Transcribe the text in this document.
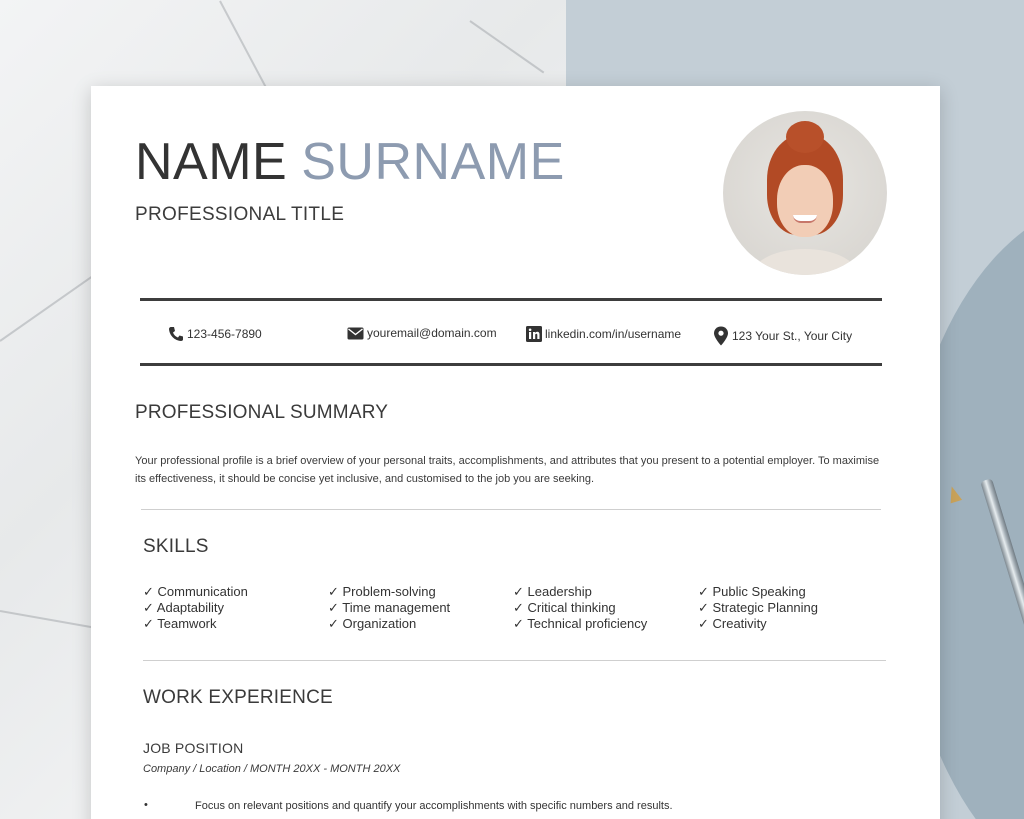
NAME SURNAME
PROFESSIONAL TITLE
123-456-7890	youremail@domain.com	linkedin.com/in/username	123 Your St., Your City
PROFESSIONAL SUMMARY
Your professional profile is a brief overview of your personal traits, accomplishments, and attributes that you present to a potential employer. To maximise its effectiveness, it should be concise yet inclusive, and customised to the job you are seeking.
SKILLS
✓ Communication	✓ Problem-solving	✓ Leadership	✓ Public Speaking
✓ Adaptability	✓ Time management	✓ Critical thinking	✓ Strategic Planning
✓ Teamwork	✓ Organization	✓ Technical proficiency	✓ Creativity
WORK EXPERIENCE
JOB POSITION
Company / Location / MONTH 20XX - MONTH 20XX
•	Focus on relevant positions and quantify your accomplishments with specific numbers and results.
